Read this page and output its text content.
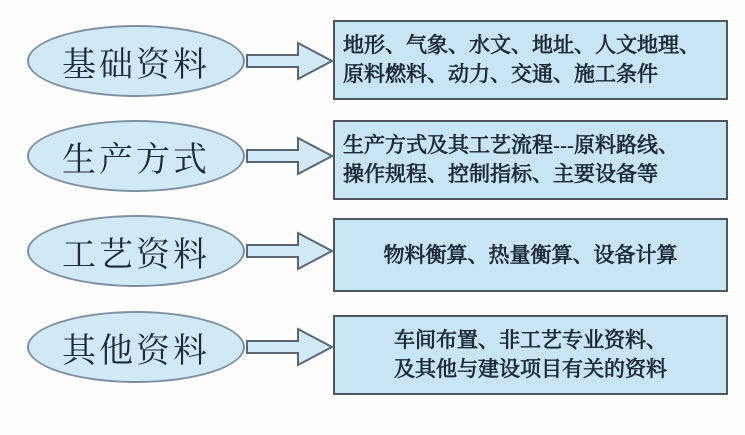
基础资料
地形、气象、水文、地址、人文地理、
原料燃料、动力、交通、施工条件
生产方式	生产方式及其工艺流程---原料路线、
操作规程、控制指标、主要设备等
工艺资料	物料衡算、热量衡算、设备计算
其他资料	车间布置、非工艺专业资料、
及其他与建设项目有关的资料
